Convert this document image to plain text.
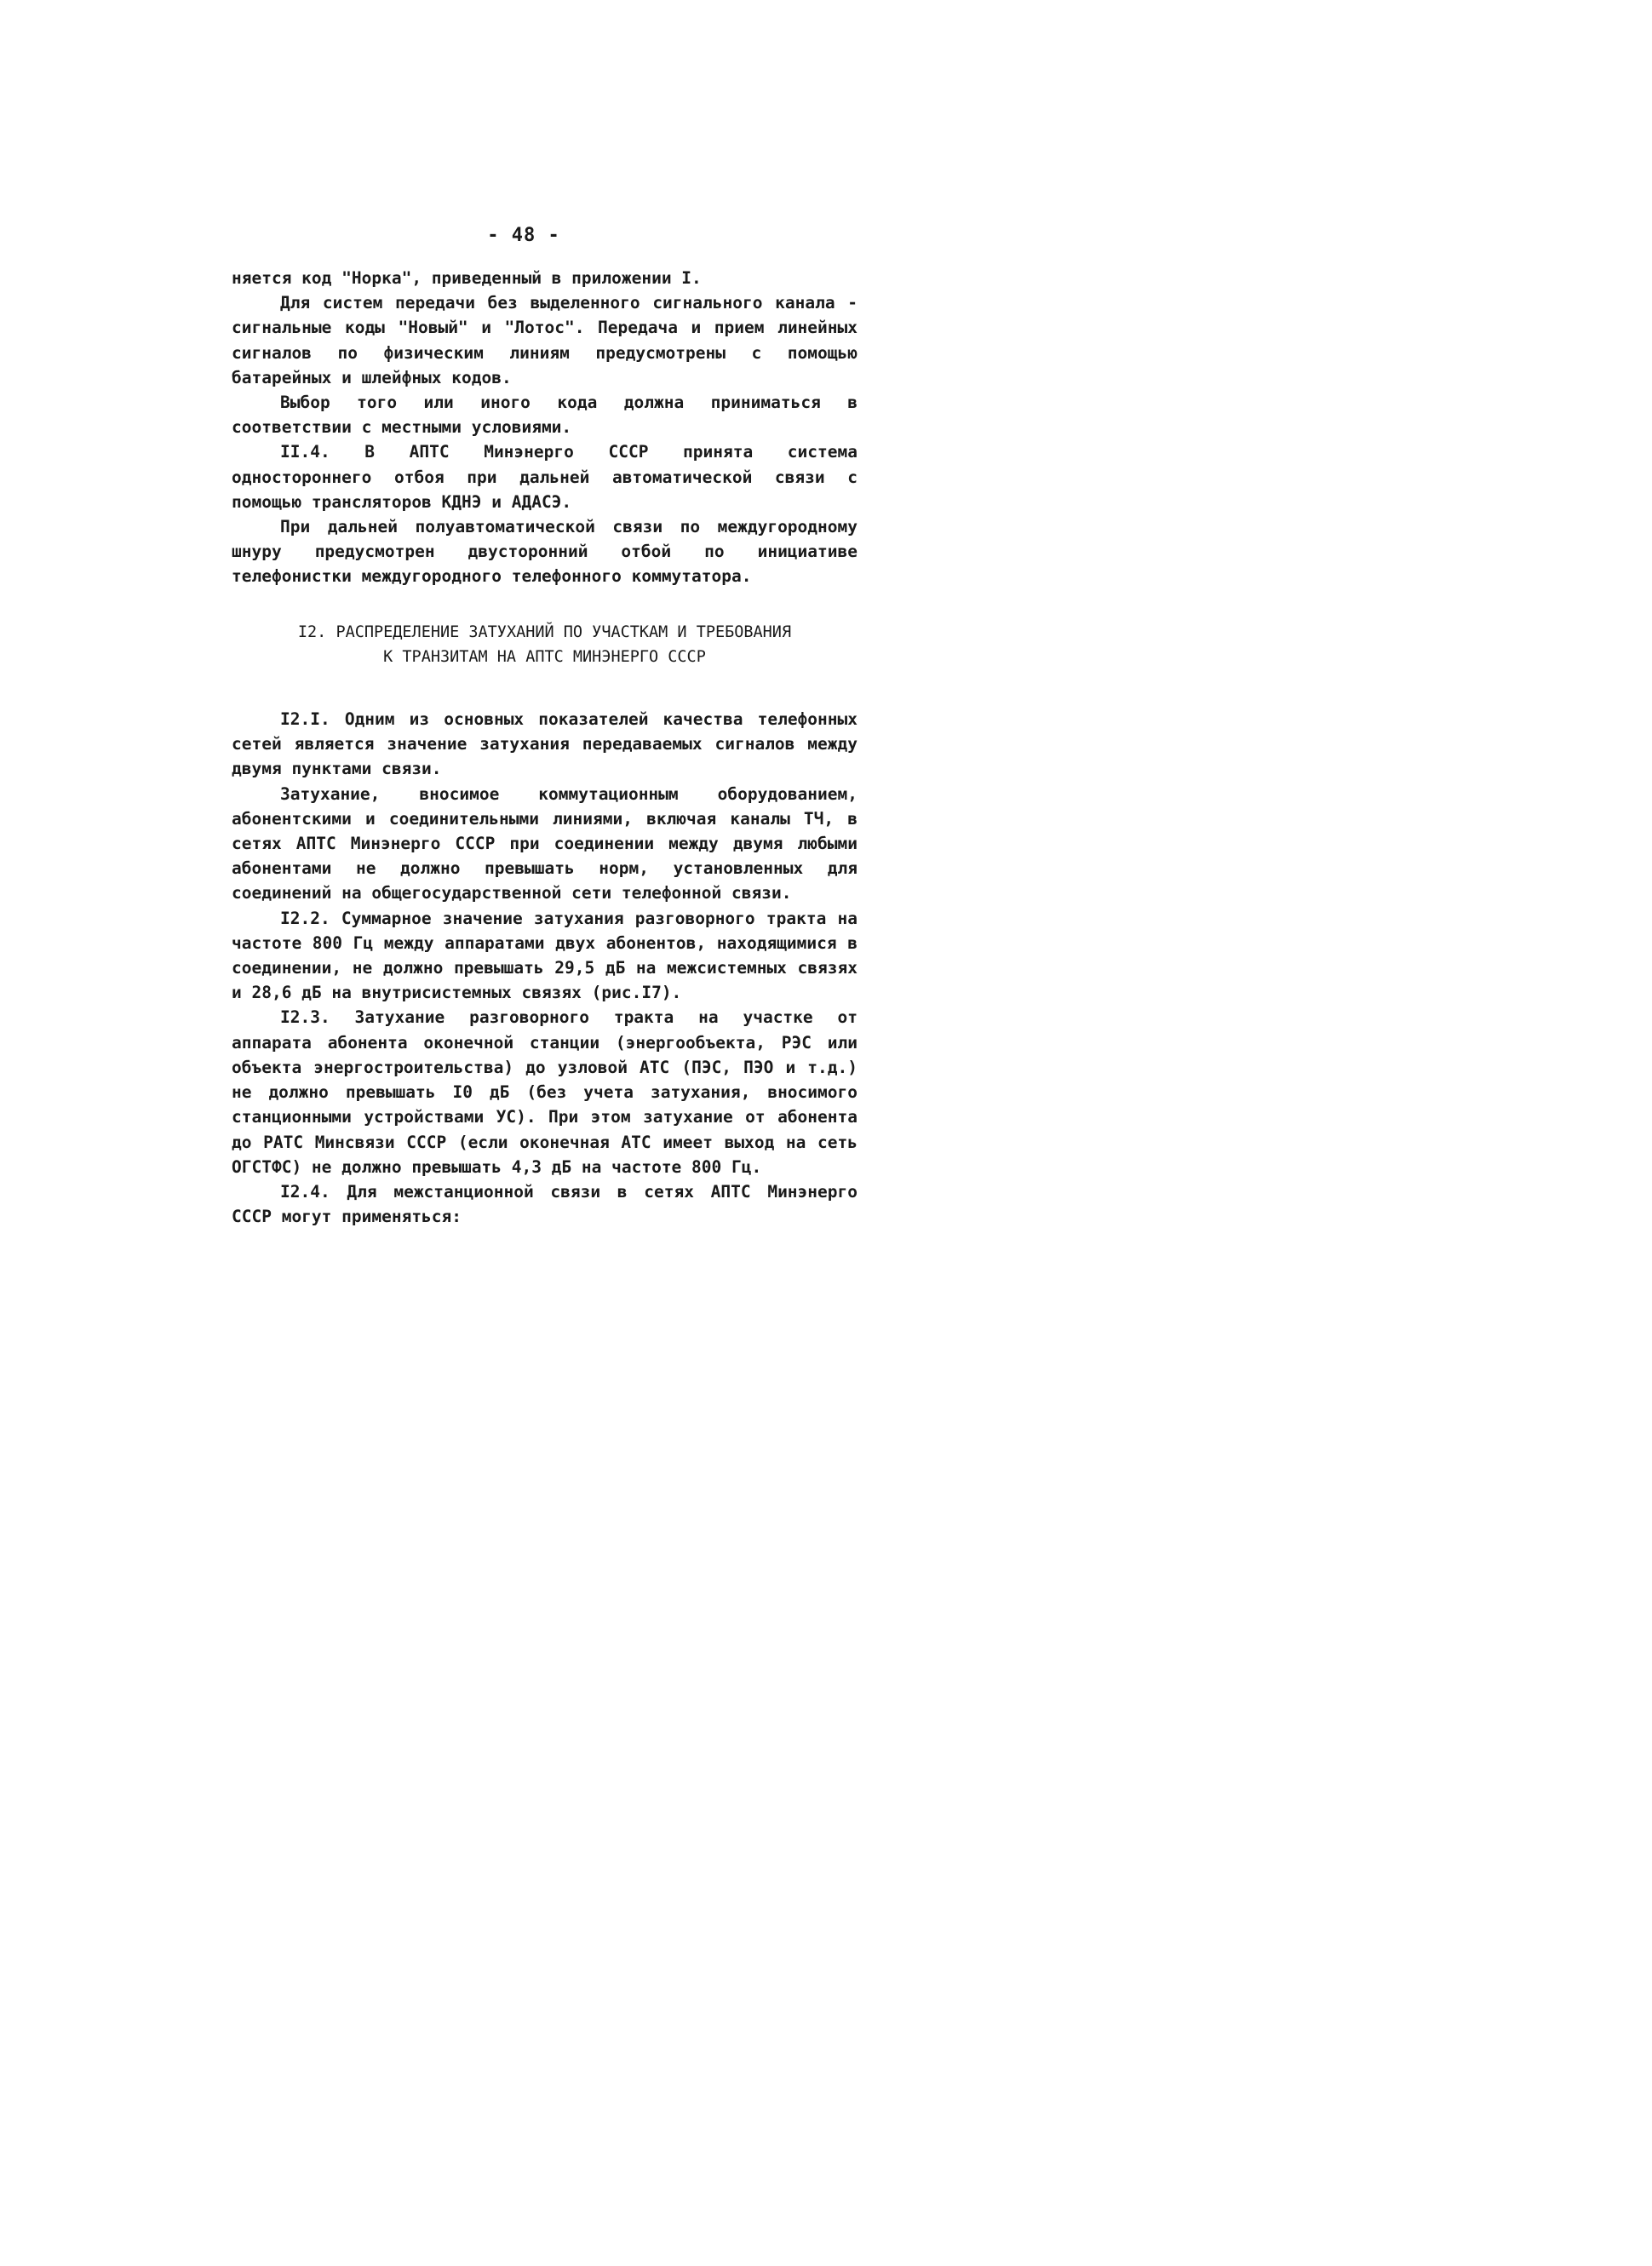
- 48 -

няется код "Норка", приведенный в приложении I.

Для систем передачи без выделенного сигнального канала - сигнальные коды "Новый" и "Лотос". Передача и прием линейных сигналов по физическим линиям предусмотрены с помощью батарейных и шлейфных кодов.

Выбор того или иного кода должна приниматься в соответствии с местными условиями.

II.4. В АПТС Минэнерго СССР принята система одностороннего отбоя при дальней автоматической связи с помощью трансляторов КДНЭ и АДАСЭ.

При дальней полуавтоматической связи по междугородному шнуру предусмотрен двусторонний отбой по инициативе телефонистки междугородного телефонного коммутатора.

I2. РАСПРЕДЕЛЕНИЕ ЗАТУХАНИЙ ПО УЧАСТКАМ И ТРЕБОВАНИЯ

К ТРАНЗИТАМ НА АПТС МИНЭНЕРГО СССР

I2.I. Одним из основных показателей качества телефонных сетей является значение затухания передаваемых сигналов между двумя пунктами связи.

Затухание, вносимое коммутационным оборудованием, абонентскими и соединительными линиями, включая каналы ТЧ, в сетях АПТС Минэнерго СССР при соединении между двумя любыми абонентами не должно превышать норм, установленных для соединений на общегосударственной сети телефонной связи.

I2.2. Суммарное значение затухания разговорного тракта на частоте 800 Гц между аппаратами двух абонентов, находящимися в соединении, не должно превышать 29,5 дБ на межсистемных связях и 28,6 дБ на внутрисистемных связях (рис.I7).

I2.3. Затухание разговорного тракта на участке от аппарата абонента оконечной станции (энергообъекта, РЭС или объекта энергостроительства) до узловой АТС (ПЭС, ПЭО и т.д.) не должно превышать I0 дБ (без учета затухания, вносимого станционными устройствами УС). При этом затухание от абонента до РАТС Минсвязи СССР (если оконечная АТС имеет выход на сеть ОГСТФС) не должно превышать 4,3 дБ на частоте 800 Гц.

I2.4. Для межстанционной связи в сетях АПТС Минэнерго СССР могут применяться:
